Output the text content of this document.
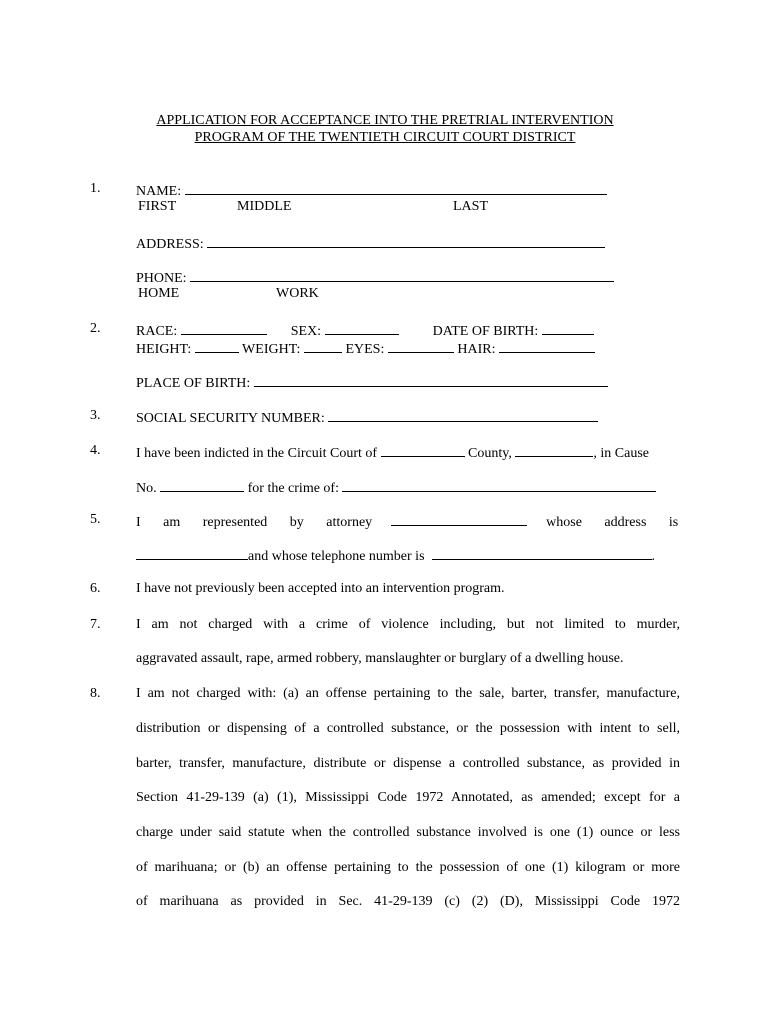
APPLICATION FOR ACCEPTANCE INTO THE PRETRIAL INTERVENTION
PROGRAM OF THE TWENTIETH CIRCUIT COURT DISTRICT
1.	NAME:
FIRST	MIDDLE	LAST
ADDRESS:
PHONE:
HOME	WORK
2.	RACE:	SEX:	DATE OF BIRTH:
HEIGHT:	WEIGHT:	EYES:	HAIR:
PLACE OF BIRTH:
3.	SOCIAL SECURITY NUMBER:
4.	I have been indicted in the Circuit Court of	County,	, in Cause
No.	for the crime of:
5.	I am represented by attorney	whose address is
and whose telephone number is	.
6.	I have not previously been accepted into an intervention program.
7.	I am not charged with a crime of violence including, but not limited to murder,
aggravated assault, rape, armed robbery, manslaughter or burglary of a dwelling house.
8.	I am not charged with: (a) an offense pertaining to the sale, barter, transfer, manufacture,
distribution or dispensing of a controlled substance, or the possession with intent to sell,
barter, transfer, manufacture, distribute or dispense a controlled substance, as provided in
Section 41-29-139 (a) (1), Mississippi Code 1972 Annotated, as amended; except for a
charge under said statute when the controlled substance involved is one (1) ounce or less
of marihuana; or (b) an offense pertaining to the possession of one (1) kilogram or more
of marihuana as provided in Sec. 41-29-139 (c) (2) (D), Mississippi Code 1972
